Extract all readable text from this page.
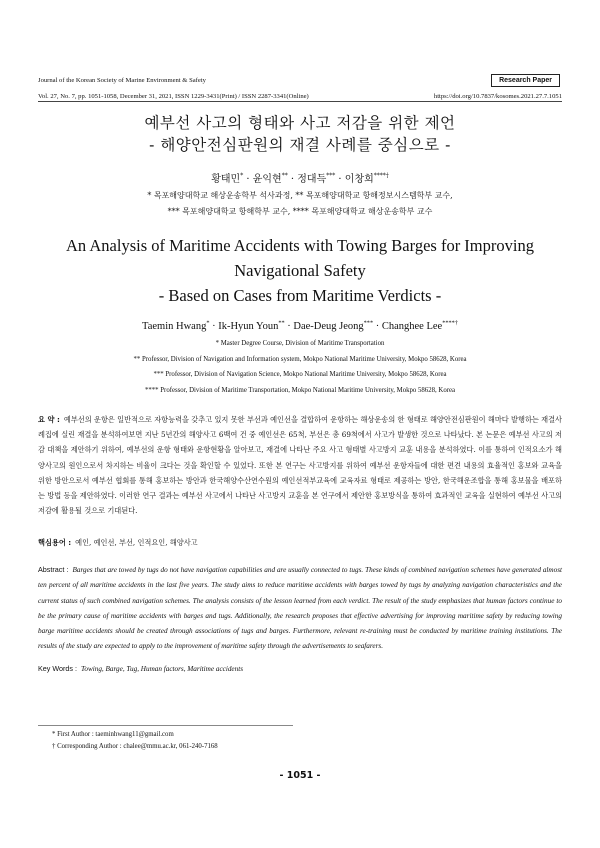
Journal of the Korean Society of Marine Environment & Safety	Research Paper
Vol. 27, No. 7, pp. 1051-1058, December 31, 2021, ISSN 1229-3431(Print) / ISSN 2287-3341(Online)	https://doi.org/10.7837/kosomes.2021.27.7.1051
예부선 사고의 형태와 사고 저감을 위한 제언
- 해양안전심판원의 재결 사례를 중심으로 -
황태민* · 윤익현** · 정대득*** · 이창희****†
* 목포해양대학교 해상운송학부 석사과정, ** 목포해양대학교 항해정보시스템학부 교수,
*** 목포해양대학교 항해학부 교수, **** 목포해양대학교 해상운송학부 교수
An Analysis of Maritime Accidents with Towing Barges for Improving
Navigational Safety
- Based on Cases from Maritime Verdicts -
Taemin Hwang* · Ik-Hyun Youn** · Dae-Deug Jeong*** · Changhee Lee****†
* Master Degree Course, Division of Maritime Transportation
** Professor, Division of Navigation and Information system, Mokpo National Maritime University, Mokpo 58628, Korea
*** Professor, Division of Navigation Science, Mokpo National Maritime University, Mokpo 58628, Korea
**** Professor, Division of Maritime Transportation, Mokpo National Maritime University, Mokpo 58628, Korea

요 약 : 예부선의 운항은 일반적으로 자항능력을 갖추고 있지 못한 부선과 예인선을 결합하여 운항하는 해상운송의 한 형태로 해양안전심판원이 해마다 발행하는 재결사례집에 실린 재결을 분석하여보면 지난 5년간의 해양사고 6백여 건 중 예인선은 65척, 부선은 총 69척에서 사고가 발생한 것으로 나타났다. 본 논문은 예부선 사고의 저감 대책을 제안하기 위하여, 예부선의 운항 형태와 운항현황을 알아보고, 재결에 나타난 주요 사고 형태별 사고방지 교훈 내용을 분석하였다. 이를 통하여 인적요소가 해양사고의 원인으로서 차지하는 비율이 크다는 것을 확인할 수 있었다. 또한 본 연구는 사고방지를 위하여 예부선 운항자들에 대한 편견 내용의 효율적인 홍보와 교육을 위한 방안으로서 예부선 협회를 통해 홍보하는 방안과 한국해양수산연수원의 예인선적부교육에 교육자료 형태로 제공하는 방안, 한국해운조합을 통해 홍보물을 배포하는 방법 등을 제안하였다. 이러한 연구 결과는 예부선 사고에서 나타난 사고방지 교훈을 본 연구에서 제안한 홍보방식을 통하여 효과적인 교육을 실현하여 예부선 사고의 저감에 활용될 것으로 기대된다.

핵심용어 : 예인, 예인선, 부선, 인적요인, 해양사고

Abstract : Barges that are towed by tugs do not have navigation capabilities and are usually connected to tugs. These kinds of combined navigation schemes have generated almost ten percent of all maritime accidents in the last five years. The study aims to reduce maritime accidents with barges towed by tugs by analyzing navigation characteristics and the current status of such combined navigation schemes. The analysis consists of the lesson learned from each verdict. The result of the study emphasizes that human factors continue to be the primary cause of maritime accidents with barges and tugs. Additionally, the research proposes that effective advertising for improving maritime safety by reducing towing barge maritime accidents should be created through associations of tugs and barges. Furthermore, relevant re-training must be conducted by maritime training institutions. The results of the study are expected to apply to the improvement of maritime safety through the advertisements to seafarers.

Key Words : Towing, Barge, Tug, Human factors, Maritime accidents
* First Author : taeminhwang11@gmail.com
† Corresponding Author : chalee@mmu.ac.kr, 061-240-7168
- 1051 -
